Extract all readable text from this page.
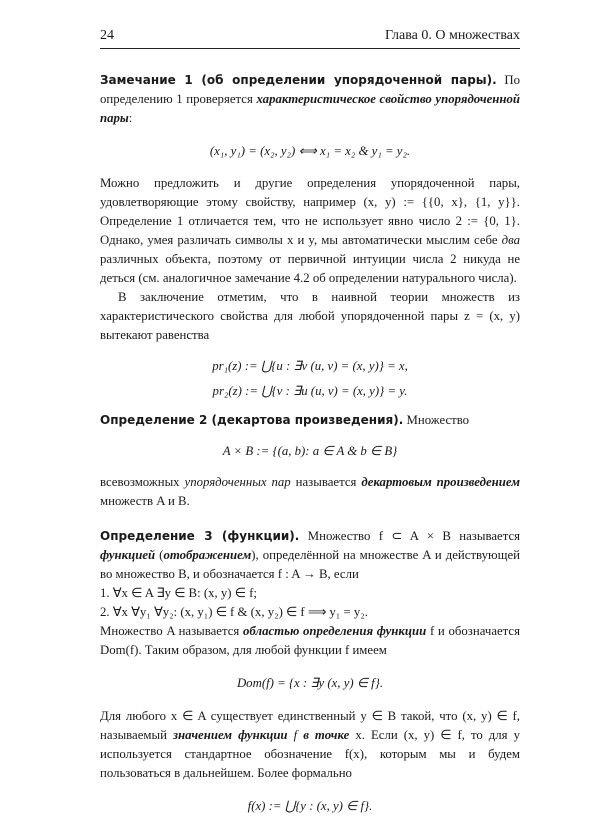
24	Глава 0. О множествах

Замечание 1 (об определении упорядоченной пары). По определению 1 проверяется характеристическое свойство упорядоченной пары:

(x₁, y₁) = (x₂, y₂) ⟺ x₁ = x₂ & y₁ = y₂.

Можно предложить и другие определения упорядоченной пары, удовлетворяющие этому свойству, например (x, y) := {{0, x}, {1, y}}. Определение 1 отличается тем, что не использует явно число 2 := {0, 1}. Однако, умея различать символы x и y, мы автоматически мыслим себе два различных объекта, поэтому от первичной интуиции числа 2 никуда не деться (см. аналогичное замечание 4.2 об определении натурального числа).

В заключение отметим, что в наивной теории множеств из характеристического свойства для любой упорядоченной пары z = (x, y) вытекают равенства

pr₁(z) := ⋃{u : ∃v (u, v) = (x, y)} = x,
pr₂(z) := ⋃{v : ∃u (u, v) = (x, y)} = y.

Определение 2 (декартова произведения). Множество

A × B := {(a, b): a ∈ A & b ∈ B}

всевозможных упорядоченных пар называется декартовым произведением множеств A и B.

Определение 3 (функции). Множество f ⊂ A × B называется функцией (отображением), определённой на множестве A и действующей во множество B, и обозначается f : A → B, если

1. ∀x ∈ A ∃y ∈ B: (x, y) ∈ f;

2. ∀x ∀y₁ ∀y₂: (x, y₁) ∈ f & (x, y₂) ∈ f ⟹ y₁ = y₂.

Множество A называется областью определения функции f и обозначается Dom(f). Таким образом, для любой функции f имеем

Dom(f) = {x : ∃y (x, y) ∈ f}.

Для любого x ∈ A существует единственный y ∈ B такой, что (x, y) ∈ f, называемый значением функции f в точке x. Если (x, y) ∈ f, то для y используется стандартное обозначение f(x), которым мы и будем пользоваться в дальнейшем. Более формально

f(x) := ⋃{y : (x, y) ∈ f}.
